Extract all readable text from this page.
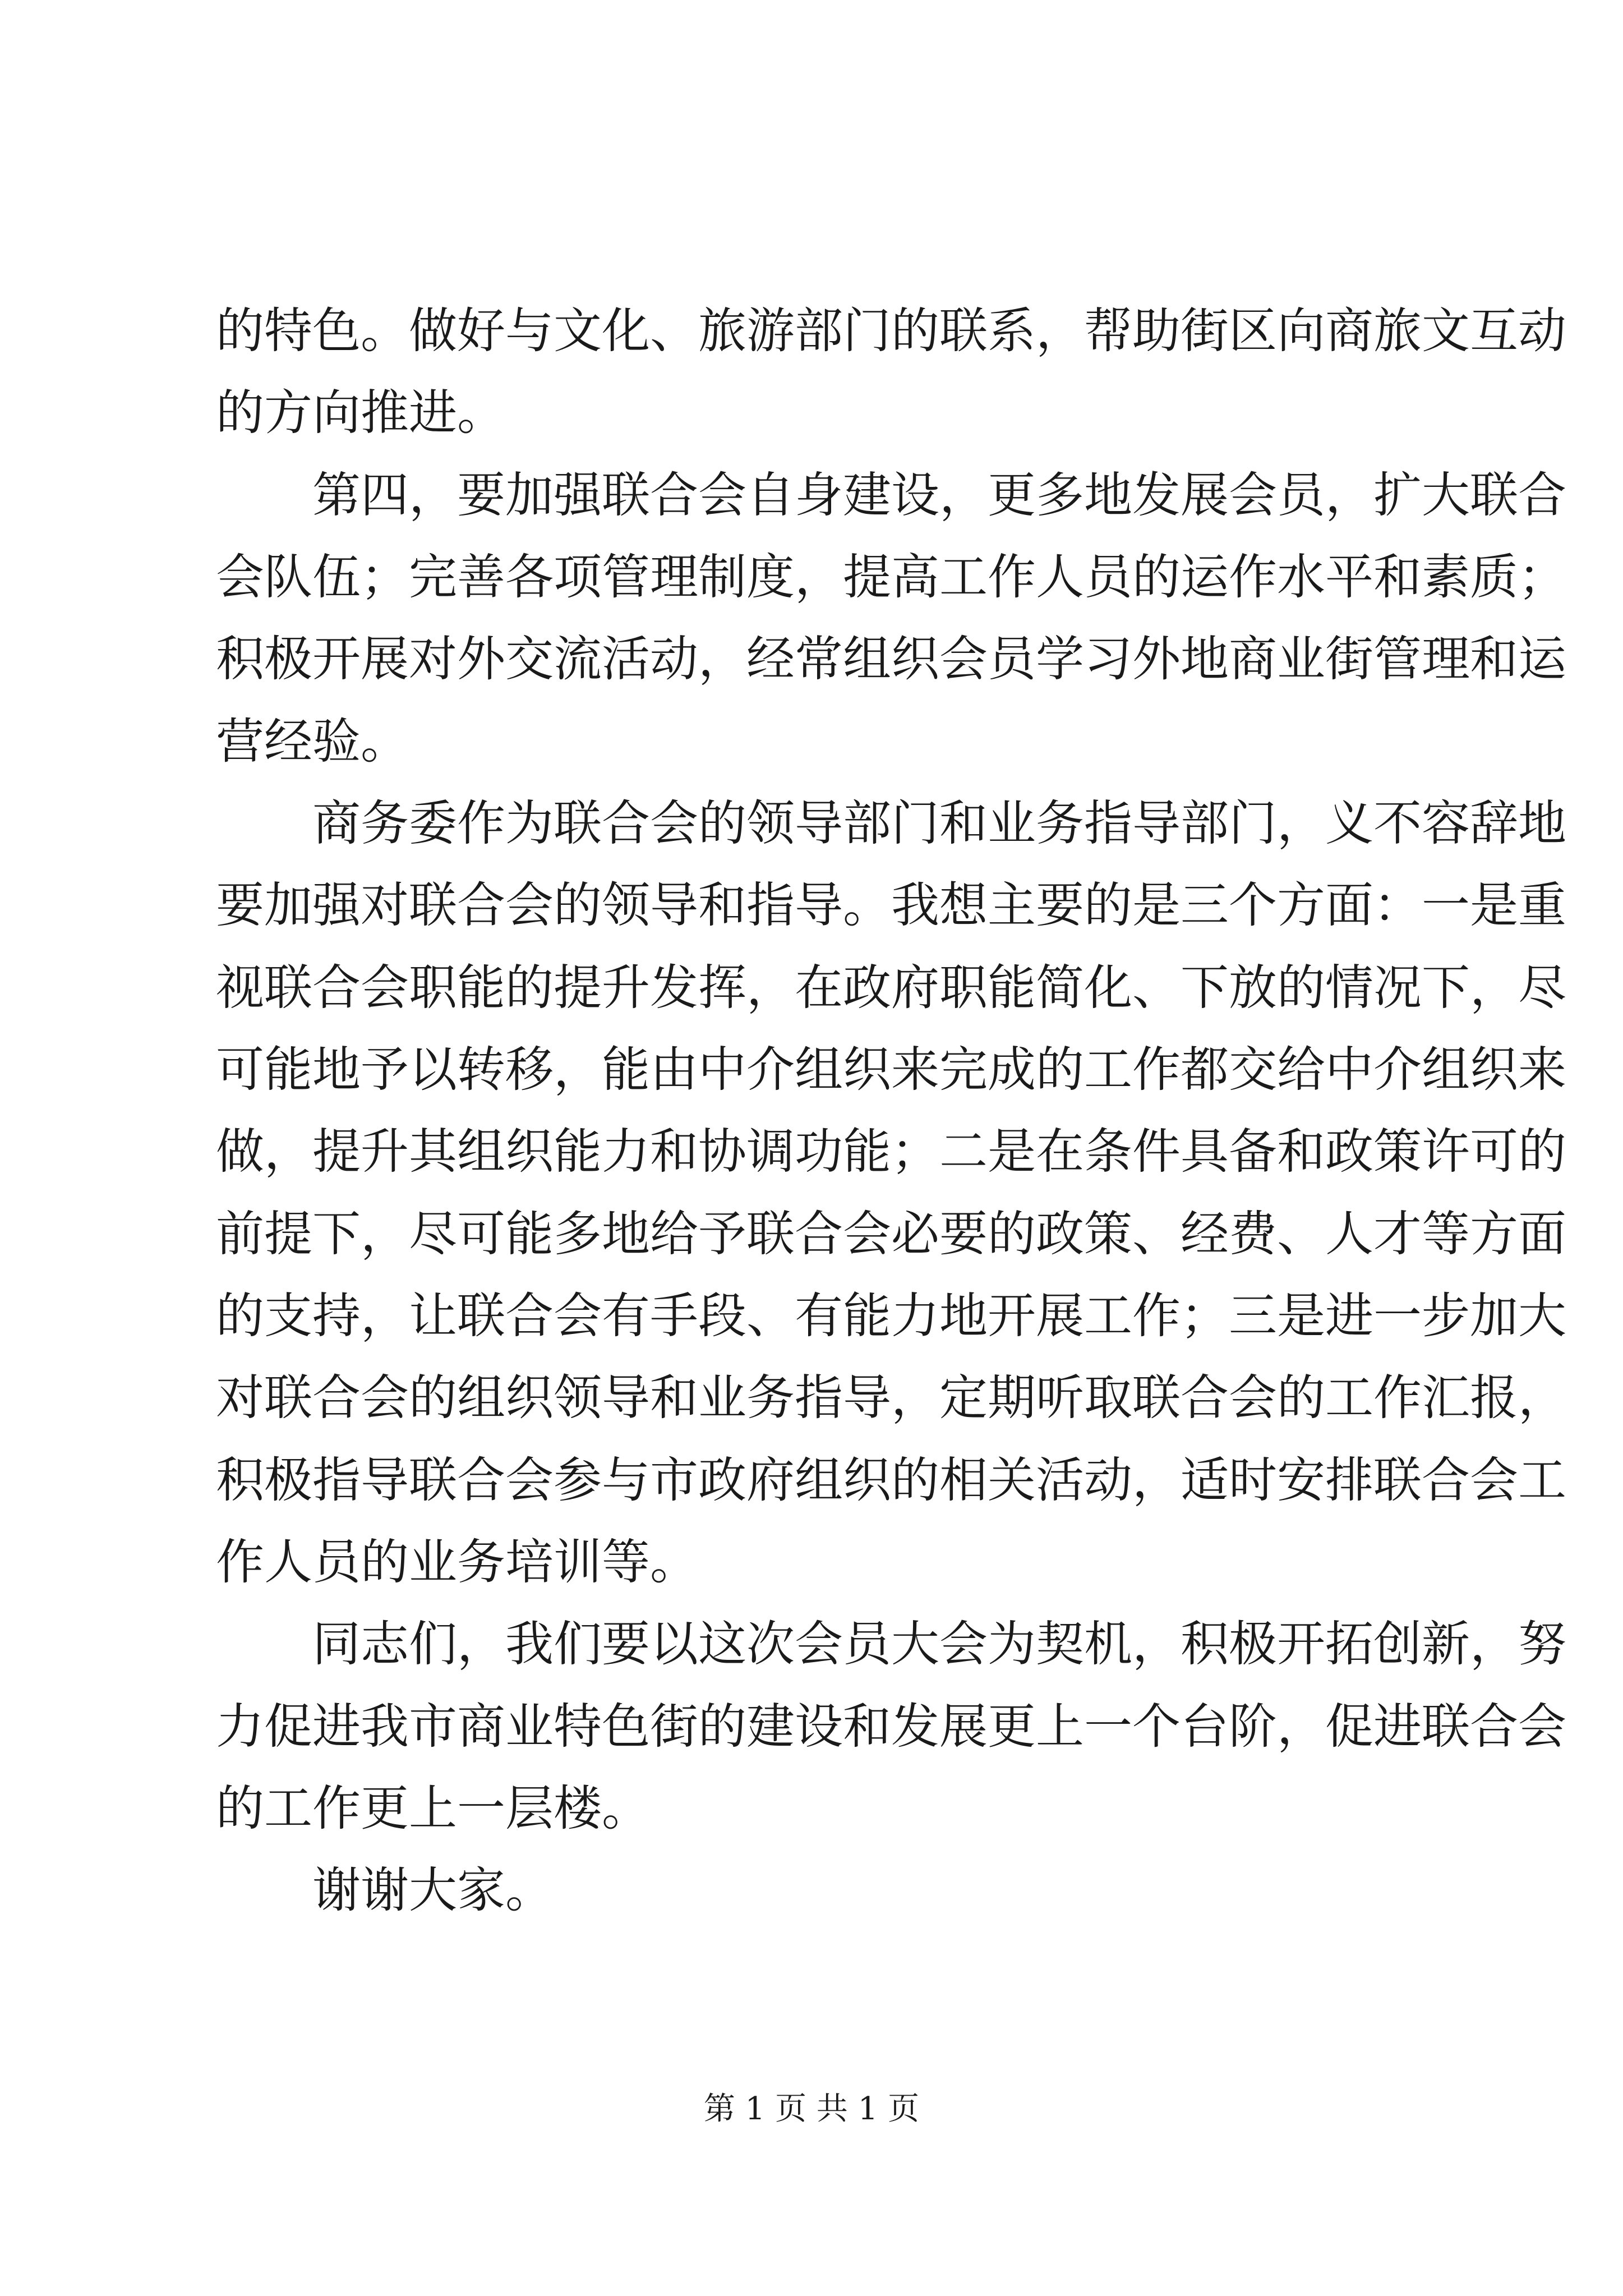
的特色。做好与文化、旅游部门的联系，帮助街区向商旅文互动
的方向推进。
第四，要加强联合会自身建设，更多地发展会员，扩大联合
会队伍；完善各项管理制度，提高工作人员的运作水平和素质；
积极开展对外交流活动，经常组织会员学习外地商业街管理和运
营经验。
商务委作为联合会的领导部门和业务指导部门，义不容辞地
要加强对联合会的领导和指导。我想主要的是三个方面：一是重
视联合会职能的提升发挥，在政府职能简化、下放的情况下，尽
可能地予以转移，能由中介组织来完成的工作都交给中介组织来
做，提升其组织能力和协调功能；二是在条件具备和政策许可的
前提下，尽可能多地给予联合会必要的政策、经费、人才等方面
的支持，让联合会有手段、有能力地开展工作；三是进一步加大
对联合会的组织领导和业务指导，定期听取联合会的工作汇报，
积极指导联合会参与市政府组织的相关活动，适时安排联合会工
作人员的业务培训等。
同志们，我们要以这次会员大会为契机，积极开拓创新，努
力促进我市商业特色街的建设和发展更上一个台阶，促进联合会
的工作更上一层楼。
谢谢大家。
第 1 页 共 1 页
